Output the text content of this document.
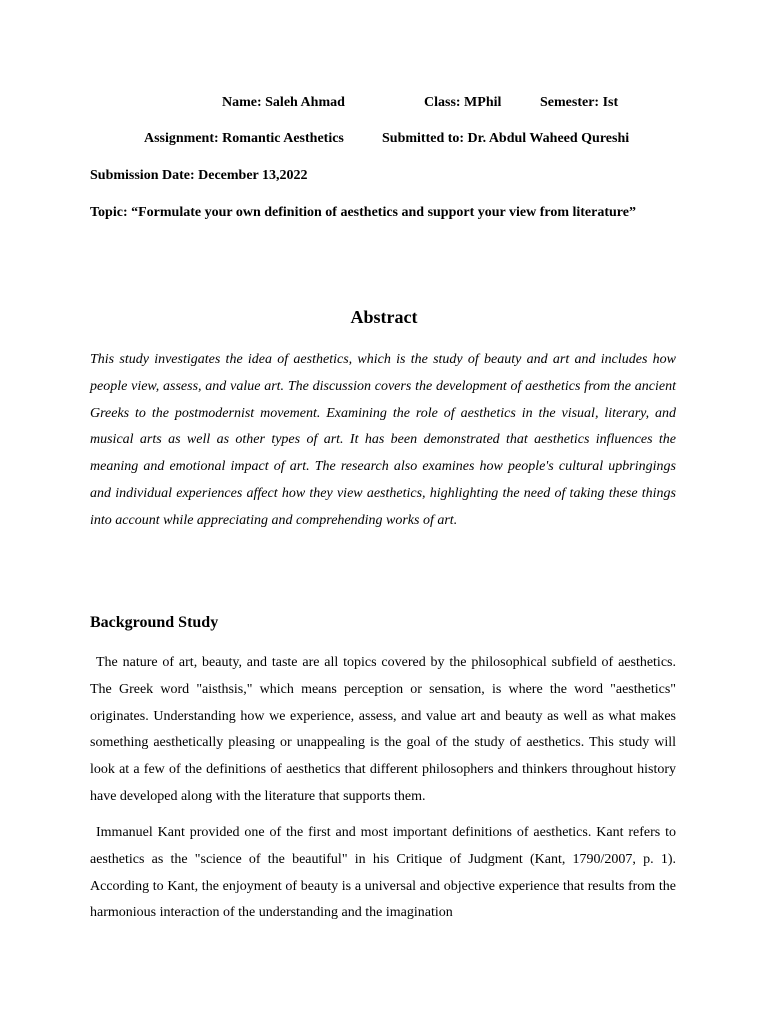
Name: Saleh Ahmad	Class: MPhil	Semester: Ist
Assignment: Romantic Aesthetics	Submitted to: Dr. Abdul Waheed Qureshi
Submission Date: December 13,2022
Topic: “Formulate your own definition of aesthetics and support your view from literature”
Abstract
This study investigates the idea of aesthetics, which is the study of beauty and art and includes how people view, assess, and value art. The discussion covers the development of aesthetics from the ancient Greeks to the postmodernist movement. Examining the role of aesthetics in the visual, literary, and musical arts as well as other types of art. It has been demonstrated that aesthetics influences the meaning and emotional impact of art. The research also examines how people's cultural upbringings and individual experiences affect how they view aesthetics, highlighting the need of taking these things into account while appreciating and comprehending works of art.
Background Study
The nature of art, beauty, and taste are all topics covered by the philosophical subfield of aesthetics. The Greek word "aisthsis," which means perception or sensation, is where the word "aesthetics" originates. Understanding how we experience, assess, and value art and beauty as well as what makes something aesthetically pleasing or unappealing is the goal of the study of aesthetics. This study will look at a few of the definitions of aesthetics that different philosophers and thinkers throughout history have developed along with the literature that supports them.
Immanuel Kant provided one of the first and most important definitions of aesthetics. Kant refers to aesthetics as the "science of the beautiful" in his Critique of Judgment (Kant, 1790/2007, p. 1). According to Kant, the enjoyment of beauty is a universal and objective experience that results from the harmonious interaction of the understanding and the imagination
